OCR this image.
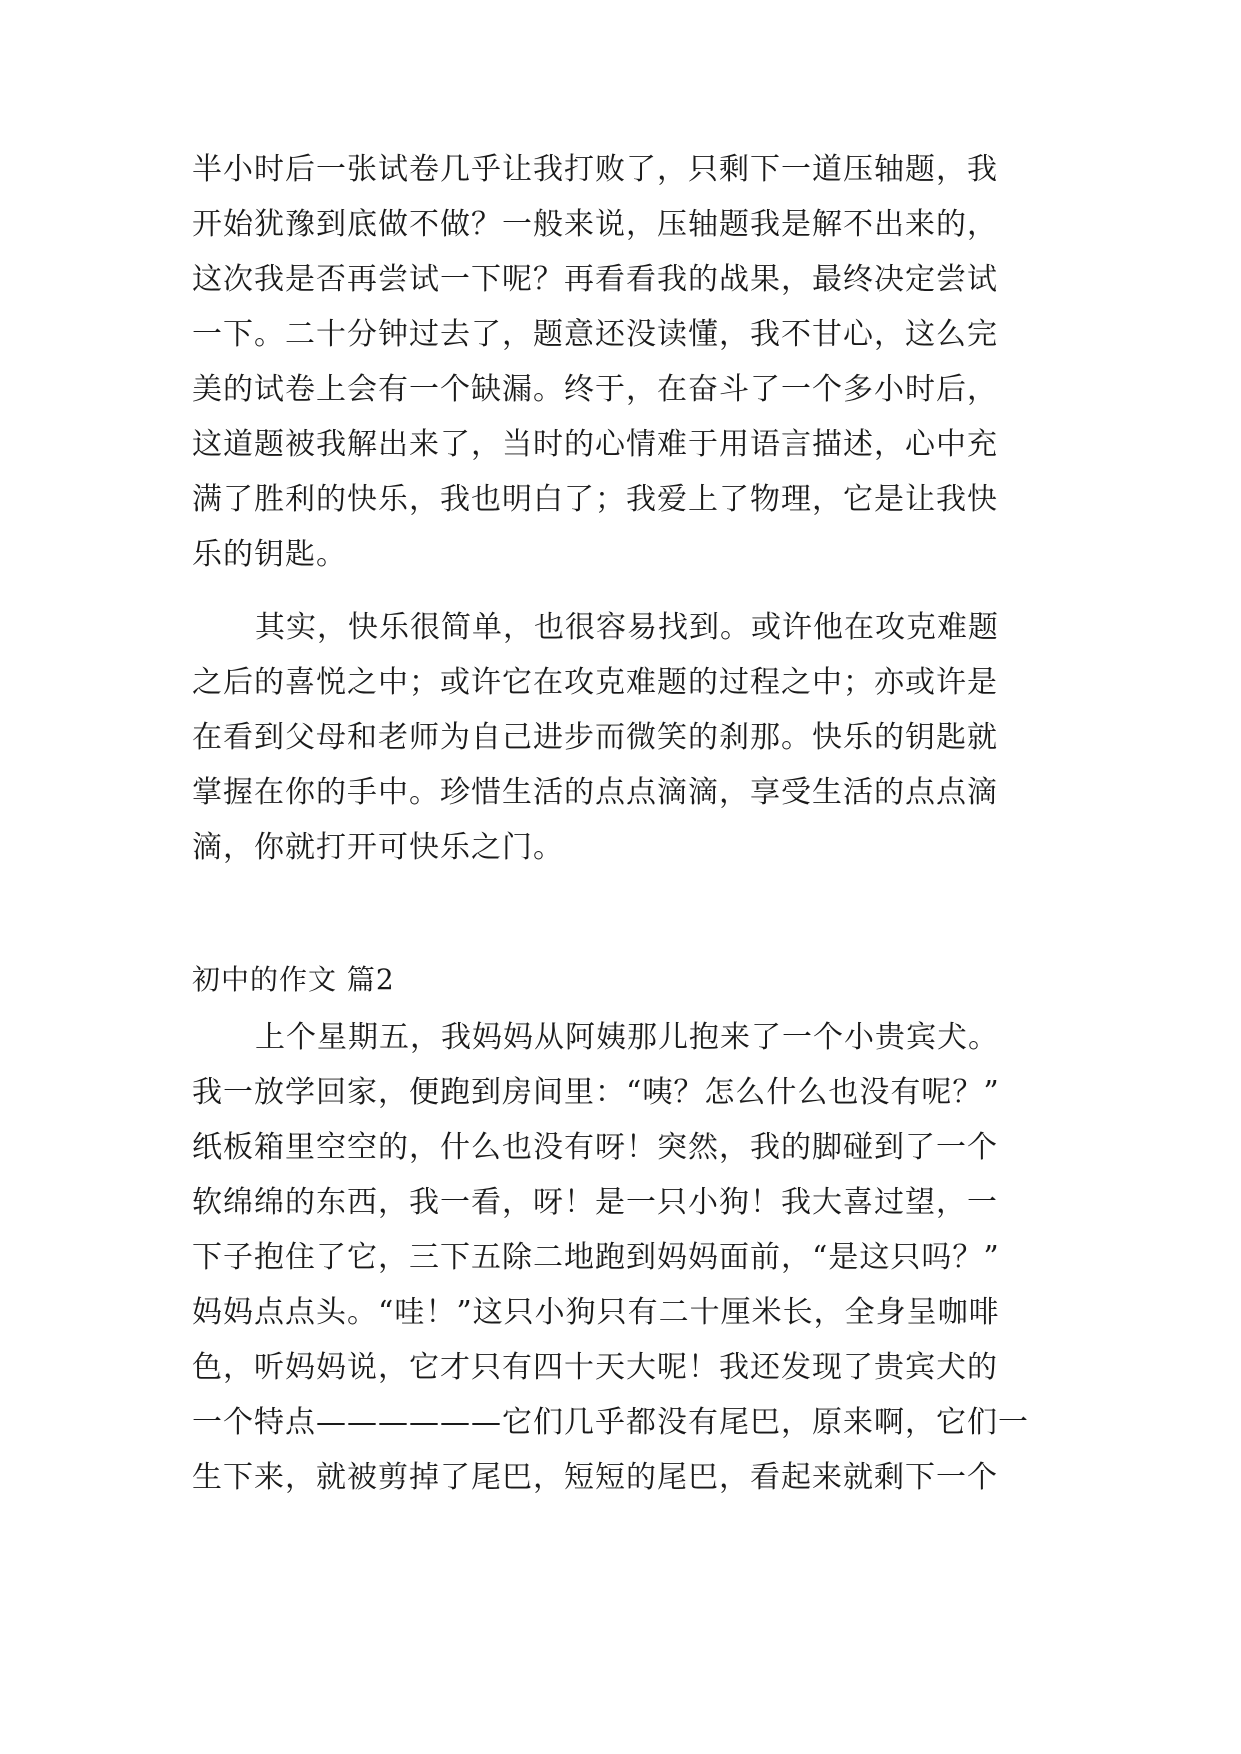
半小时后一张试卷几乎让我打败了，只剩下一道压轴题，我
开始犹豫到底做不做？一般来说，压轴题我是解不出来的，
这次我是否再尝试一下呢？再看看我的战果，最终决定尝试
一下。二十分钟过去了，题意还没读懂，我不甘心，这么完
美的试卷上会有一个缺漏。终于，在奋斗了一个多小时后，
这道题被我解出来了，当时的心情难于用语言描述，心中充
满了胜利的快乐，我也明白了；我爱上了物理，它是让我快
乐的钥匙。
其实，快乐很简单，也很容易找到。或许他在攻克难题
之后的喜悦之中；或许它在攻克难题的过程之中；亦或许是
在看到父母和老师为自己进步而微笑的刹那。快乐的钥匙就
掌握在你的手中。珍惜生活的点点滴滴，享受生活的点点滴
滴，你就打开可快乐之门。
初中的作文 篇2
上个星期五，我妈妈从阿姨那儿抱来了一个小贵宾犬。
我一放学回家，便跑到房间里：“咦？怎么什么也没有呢？”
纸板箱里空空的，什么也没有呀！突然，我的脚碰到了一个
软绵绵的东西，我一看，呀！是一只小狗！我大喜过望，一
下子抱住了它，三下五除二地跑到妈妈面前，“是这只吗？”
妈妈点点头。“哇！”这只小狗只有二十厘米长，全身呈咖啡
色，听妈妈说，它才只有四十天大呢！我还发现了贵宾犬的
一个特点——————它们几乎都没有尾巴，原来啊，它们一
生下来，就被剪掉了尾巴，短短的尾巴，看起来就剩下一个
